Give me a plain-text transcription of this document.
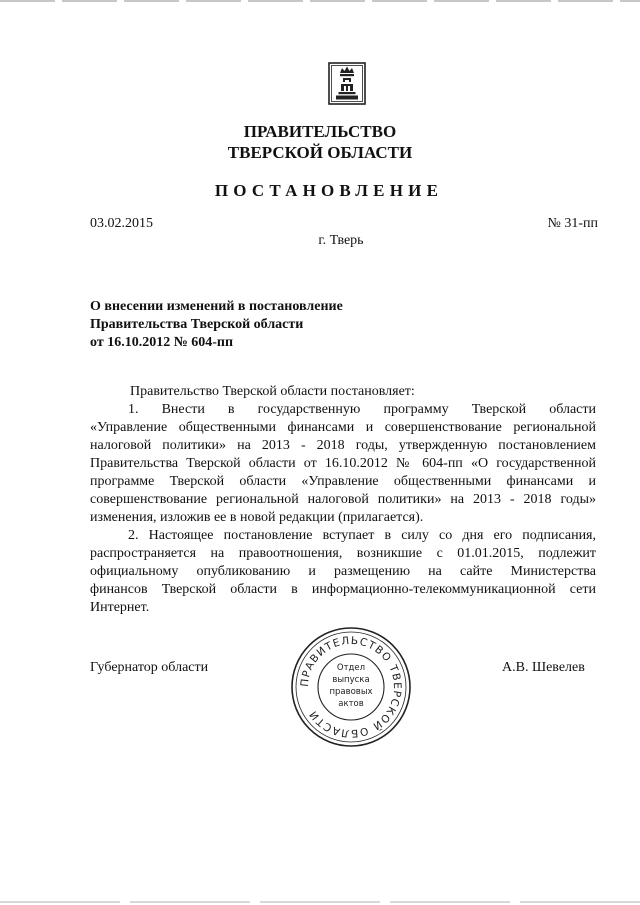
ПРАВИТЕЛЬСТВО
ТВЕРСКОЙ ОБЛАСТИ
ПОСТАНОВЛЕНИЕ
03.02.2015	№ 31-пп
г. Тверь
О внесении изменений в постановление
Правительства Тверской области
от 16.10.2012 № 604-пп
Правительство Тверской области постановляет:
1. Внести в государственную программу Тверской области
«Управление общественными финансами и совершенствование региональной
налоговой политики» на 2013 - 2018 годы, утвержденную постановлением
Правительства Тверской области от 16.10.2012 № 604-пп «О государственной
программе Тверской области «Управление общественными финансами и
совершенствование региональной налоговой политики» на 2013 - 2018 годы»
изменения, изложив ее в новой редакции (прилагается).
2. Настоящее постановление вступает в силу со дня его подписания,
распространяется на правоотношения, возникшие с 01.01.2015, подлежит
официальному опубликованию и размещению на сайте Министерства
финансов Тверской области в информационно-телекоммуникационной сети
Интернет.
Губернатор области	А.В. Шевелев
ПРАВИТЕЛЬСТВО ТВЕРСКОЙ ОБЛАСТИ
Отдел
выпуска
правовых
актов
